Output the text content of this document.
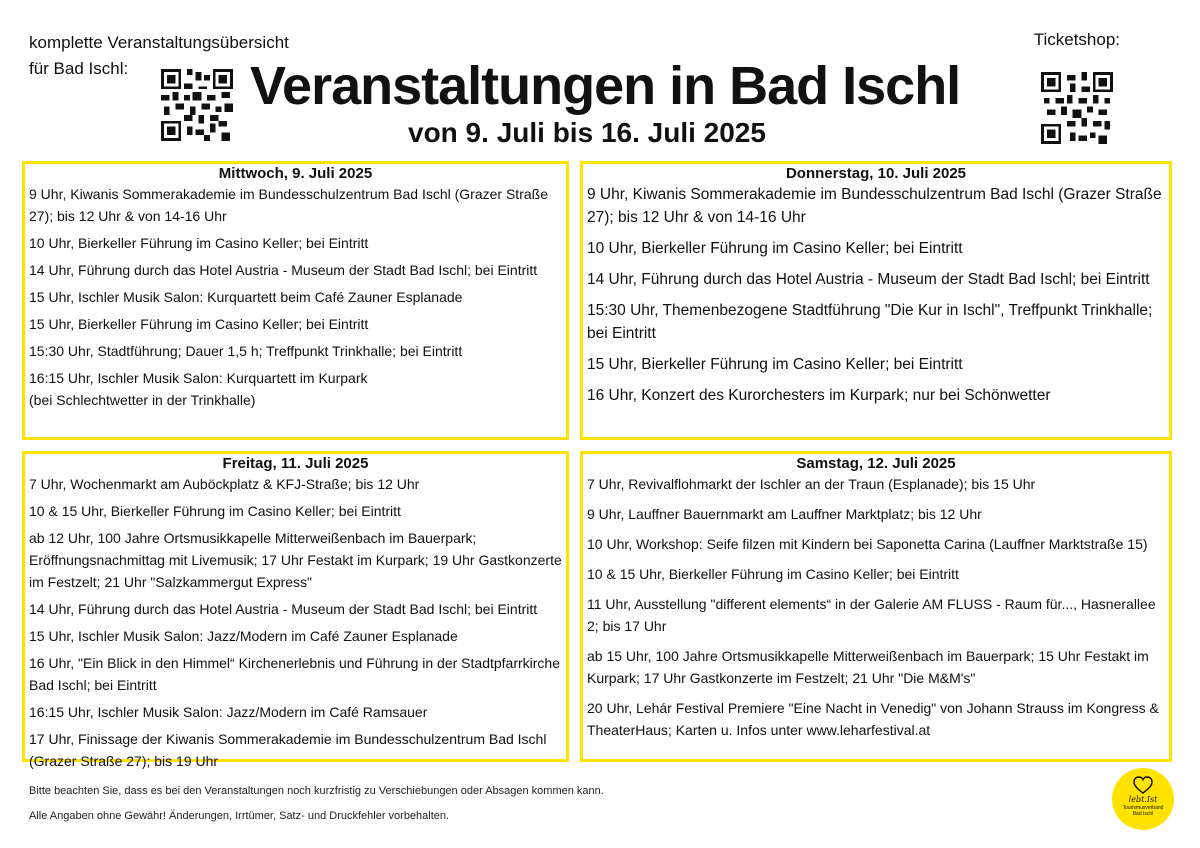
komplette Veranstaltungsübersicht
für Bad Ischl:
Ticketshop:
Veranstaltungen in Bad Ischl
von 9. Juli bis 16. Juli 2025
Mittwoch, 9. Juli 2025
9 Uhr, Kiwanis Sommerakademie im Bundesschulzentrum Bad Ischl (Grazer Straße 27); bis 12 Uhr & von 14-16 Uhr
10 Uhr, Bierkeller Führung im Casino Keller; bei Eintritt
14 Uhr, Führung durch das Hotel Austria - Museum der Stadt Bad Ischl; bei Eintritt
15 Uhr, Ischler Musik Salon: Kurquartett beim Café Zauner Esplanade
15 Uhr, Bierkeller Führung im Casino Keller; bei Eintritt
15:30 Uhr, Stadtführung; Dauer 1,5 h; Treffpunkt Trinkhalle; bei Eintritt
16:15 Uhr, Ischler Musik Salon: Kurquartett im Kurpark
(bei Schlechtwetter in der Trinkhalle)
Donnerstag, 10. Juli 2025
9 Uhr, Kiwanis Sommerakademie im Bundesschulzentrum Bad Ischl (Grazer Straße 27); bis 12 Uhr & von 14-16 Uhr
10 Uhr, Bierkeller Führung im Casino Keller; bei Eintritt
14 Uhr, Führung durch das Hotel Austria - Museum der Stadt Bad Ischl; bei Eintritt
15:30 Uhr, Themenbezogene Stadtführung "Die Kur in Ischl", Treffpunkt Trinkhalle; bei Eintritt
15 Uhr, Bierkeller Führung im Casino Keller; bei Eintritt
16 Uhr, Konzert des Kurorchesters im Kurpark; nur bei Schönwetter
Freitag, 11. Juli 2025
7 Uhr, Wochenmarkt am Auböckplatz & KFJ-Straße; bis 12 Uhr
10 & 15 Uhr, Bierkeller Führung im Casino Keller; bei Eintritt
ab 12 Uhr, 100 Jahre Ortsmusikkapelle Mitterweißenbach im Bauerpark; Eröffnungsnachmittag mit Livemusik; 17 Uhr Festakt im Kurpark; 19 Uhr Gastkonzerte im Festzelt; 21 Uhr "Salzkammergut Express"
14 Uhr, Führung durch das Hotel Austria - Museum der Stadt Bad Ischl; bei Eintritt
15 Uhr, Ischler Musik Salon: Jazz/Modern im Café Zauner Esplanade
16 Uhr, "Ein Blick in den Himmel“ Kirchenerlebnis und Führung in der Stadtpfarrkirche Bad Ischl; bei Eintritt
16:15 Uhr, Ischler Musik Salon: Jazz/Modern im Café Ramsauer
17 Uhr, Finissage der Kiwanis Sommerakademie im Bundesschulzentrum Bad Ischl (Grazer Straße 27); bis 19 Uhr
Samstag, 12. Juli 2025
7 Uhr, Revivalflohmarkt der Ischler an der Traun (Esplanade); bis 15 Uhr
9 Uhr, Lauffner Bauernmarkt am Lauffner Marktplatz; bis 12 Uhr
10 Uhr, Workshop: Seife filzen mit Kindern bei Saponetta Carina (Lauffner Marktstraße 15)
10 & 15 Uhr, Bierkeller Führung im Casino Keller; bei Eintritt
11 Uhr, Ausstellung "different elements“ in der Galerie AM FLUSS - Raum für..., Hasnerallee 2; bis 17 Uhr
ab 15 Uhr, 100 Jahre Ortsmusikkapelle Mitterweißenbach im Bauerpark; 15 Uhr Festakt im Kurpark; 17 Uhr Gastkonzerte im Festzelt; 21 Uhr "Die M&M's"
20 Uhr, Lehár Festival Premiere "Eine Nacht in Venedig" von Johann Strauss im Kongress & TheaterHaus; Karten u. Infos unter www.leharfestival.at
Bitte beachten Sie, dass es bei den Veranstaltungen noch kurzfristig zu Verschiebungen oder Absagen kommen kann.
Alle Angaben ohne Gewähr! Änderungen, Irrtümer, Satz- und Druckfehler vorbehalten.
lebt.Ist
Tourismusverband
Bad Ischl
